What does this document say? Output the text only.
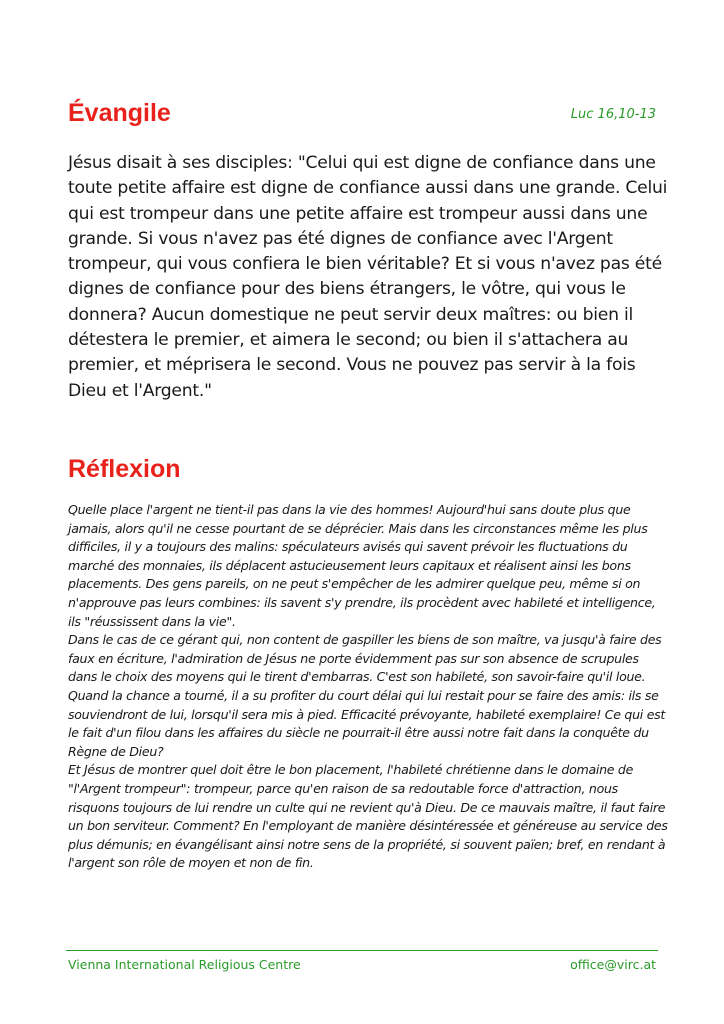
Évangile	Luc 16,10-13

Jésus disait à ses disciples: "Celui qui est digne de confiance dans une toute petite affaire est digne de confiance aussi dans une grande. Celui qui est trompeur dans une petite affaire est trompeur aussi dans une grande. Si vous n'avez pas été dignes de confiance avec l'Argent trompeur, qui vous confiera le bien véritable? Et si vous n'avez pas été dignes de confiance pour des biens étrangers, le vôtre, qui vous le donnera? Aucun domestique ne peut servir deux maîtres: ou bien il détestera le premier, et aimera le second; ou bien il s'attachera au premier, et méprisera le second. Vous ne pouvez pas servir à la fois Dieu et l'Argent."

Réflexion

Quelle place l'argent ne tient-il pas dans la vie des hommes! Aujourd'hui sans doute plus que jamais, alors qu'il ne cesse pourtant de se déprécier. Mais dans les circonstances même les plus difficiles, il y a toujours des malins: spéculateurs avisés qui savent prévoir les fluctuations du marché des monnaies, ils déplacent astucieusement leurs capitaux et réalisent ainsi les bons placements. Des gens pareils, on ne peut s'empêcher de les admirer quelque peu, même si on n'approuve pas leurs combines: ils savent s'y prendre, ils procèdent avec habileté et intelligence, ils "réussissent dans la vie".

Dans le cas de ce gérant qui, non content de gaspiller les biens de son maître, va jusqu'à faire des faux en écriture, l'admiration de Jésus ne porte évidemment pas sur son absence de scrupules dans le choix des moyens qui le tirent d'embarras. C'est son habileté, son savoir-faire qu'il loue. Quand la chance a tourné, il a su profiter du court délai qui lui restait pour se faire des amis: ils se souviendront de lui, lorsqu'il sera mis à pied. Efficacité prévoyante, habileté exemplaire! Ce qui est le fait d'un filou dans les affaires du siècle ne pourrait-il être aussi notre fait dans la conquête du Règne de Dieu?

Et Jésus de montrer quel doit être le bon placement, l'habileté chrétienne dans le domaine de "l'Argent trompeur": trompeur, parce qu'en raison de sa redoutable force d'attraction, nous risquons toujours de lui rendre un culte qui ne revient qu'à Dieu. De ce mauvais maître, il faut faire un bon serviteur. Comment? En l'employant de manière désintéressée et généreuse au service des plus démunis; en évangélisant ainsi notre sens de la propriété, si souvent païen; bref, en rendant à l'argent son rôle de moyen et non de fin.

Vienna International Religious Centre	office@virc.at
